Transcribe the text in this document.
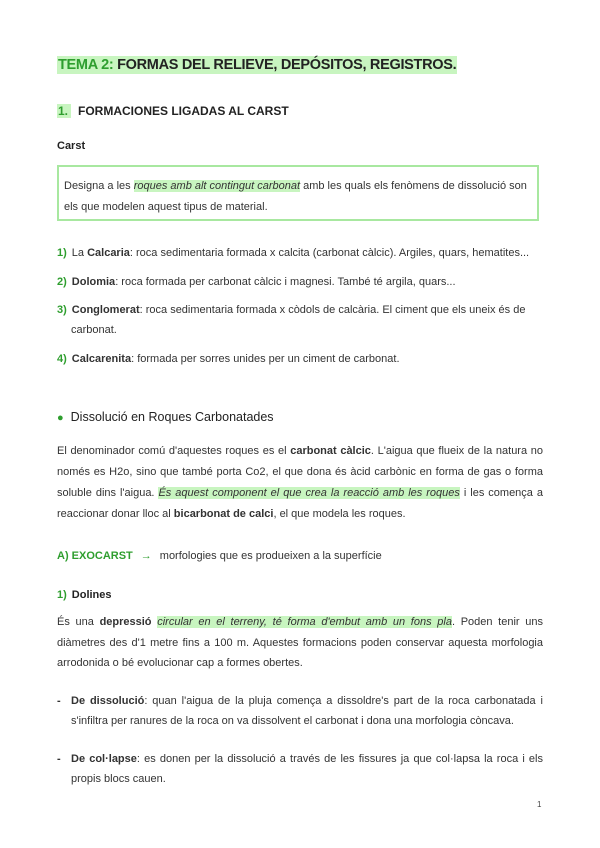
TEMA 2: FORMAS DEL RELIEVE, DEPÓSITOS, REGISTROS.
1. FORMACIONES LIGADAS AL CARST
Carst
Designa a les roques amb alt contingut carbonat amb les quals els fenòmens de dissolució son els que modelen aquest tipus de material.
1) La Calcaria: roca sedimentaria formada x calcita (carbonat càlcic). Argiles, quars, hematites...
2) Dolomia: roca formada per carbonat càlcic i magnesi. També té argila, quars...
3) Conglomerat: roca sedimentaria formada x còdols de calcària. El ciment que els uneix és de carbonat.
4) Calcarenita: formada per sorres unides per un ciment de carbonat.
● Dissolució en Roques Carbonatades
El denominador comú d'aquestes roques es el carbonat càlcic. L'aigua que flueix de la natura no només es H2o, sino que també porta Co2, el que dona és àcid carbònic en forma de gas o forma soluble dins l'aigua. És aquest component el que crea la reacció amb les roques i les comença a reaccionar donar lloc al bicarbonat de calci, el que modela les roques.
A) EXOCARST → morfologies que es produeixen a la superfície
1) Dolines
És una depressió circular en el terreny, té forma d'embut amb un fons pla. Poden tenir uns diàmetres des d'1 metre fins a 100 m. Aquestes formacions poden conservar aquesta morfologia arrodonida o bé evolucionar cap a formes obertes.
- De dissolució: quan l'aigua de la pluja comença a dissoldre's part de la roca carbonatada i s'infiltra per ranures de la roca on va dissolvent el carbonat i dona una morfologia còncava.
- De col·lapse: es donen per la dissolució a través de les fissures ja que col·lapsa la roca i els propis blocs cauen.
1
